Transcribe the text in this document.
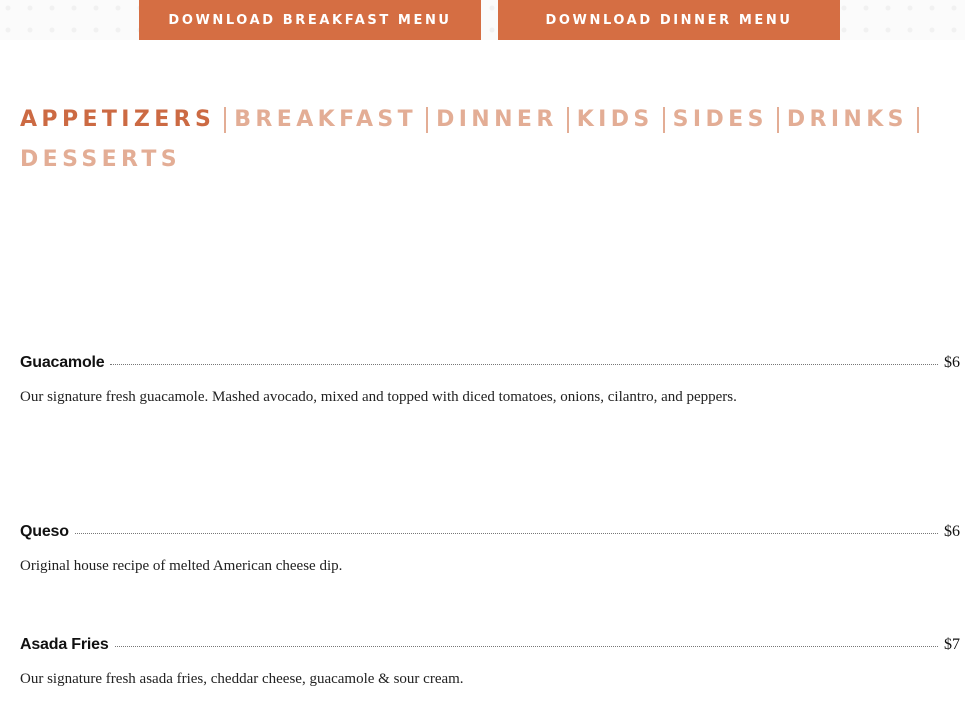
DOWNLOAD BREAKFAST MENU	DOWNLOAD DINNER MENU
APPETIZERS BREAKFAST DINNER KIDS SIDES DRINKS
DESSERTS
Guacamole	$6
Our signature fresh guacamole. Mashed avocado, mixed and topped with diced tomatoes, onions, cilantro, and peppers.
Queso	$6
Original house recipe of melted American cheese dip.
Asada Fries	$7
Our signature fresh asada fries, cheddar cheese, guacamole & sour cream.
